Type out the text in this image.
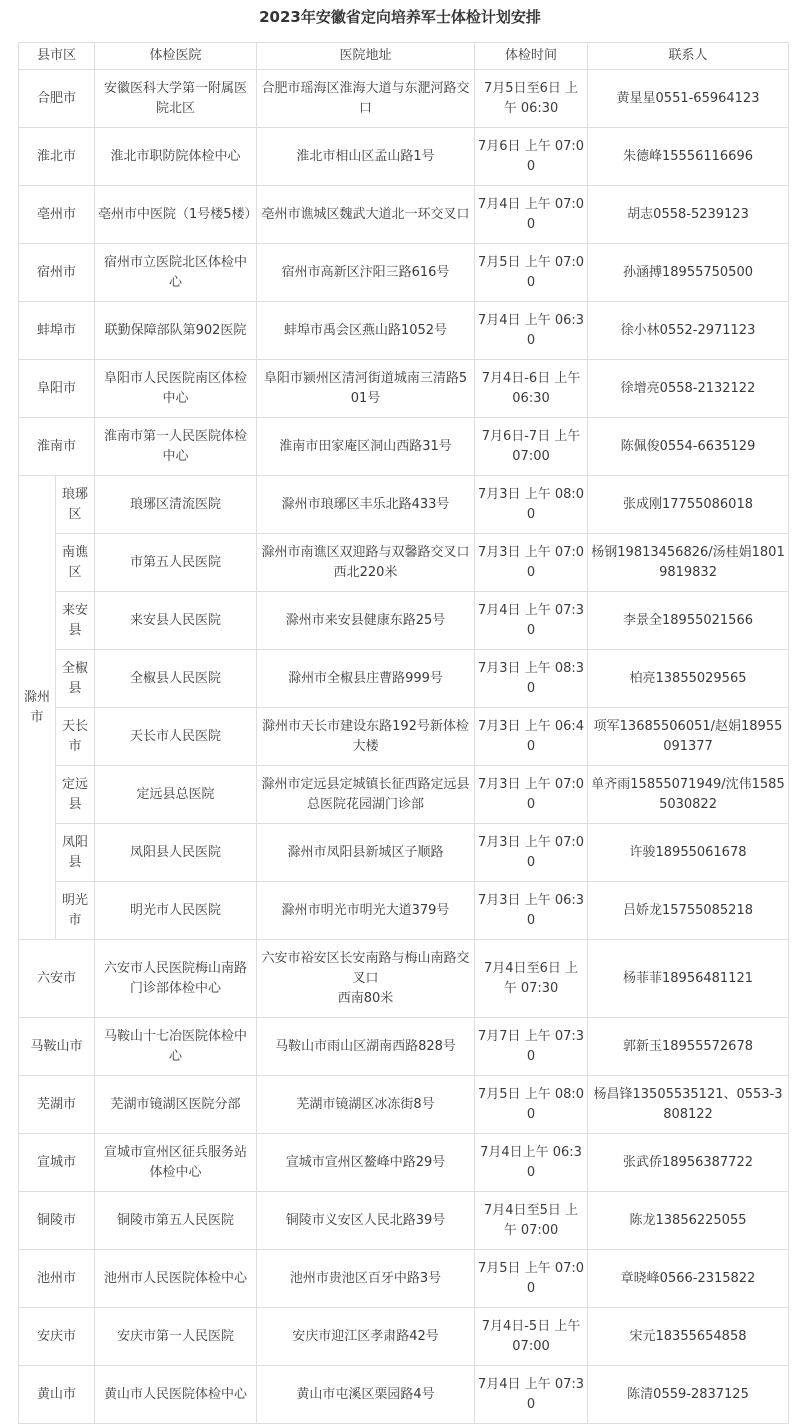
2023年安徽省定向培养军士体检计划安排
县市区		体检医院	医院地址	体检时间	联系人
合肥市		安徽医科大学第一附属医院北区	合肥市瑶海区淮海大道与东淝河路交口	7月5日至6日 上午 06:30	黄星星0551-65964123
淮北市		淮北市职防院体检中心	淮北市相山区孟山路1号	7月6日 上午 07:00	朱德峰15556116696
亳州市		亳州市中医院（1号楼5楼）	亳州市谯城区魏武大道北一环交叉口	7月4日 上午 07:00	胡志0558-5239123
宿州市		宿州市立医院北区体检中心	宿州市高新区汴阳三路616号	7月5日 上午 07:00	孙涵搏18955750500
蚌埠市		联勤保障部队第902医院	蚌埠市禹会区燕山路1052号	7月4日 上午 06:30	徐小林0552-2971123
阜阳市		阜阳市人民医院南区体检中心	阜阳市颍州区清河街道城南三清路501号	7月4日-6日 上午 06:30	徐增亮0558-2132122
淮南市		淮南市第一人民医院体检中心	淮南市田家庵区洞山西路31号	7月6日-7日 上午 07:00	陈佩俊0554-6635129
滁州市	琅琊区	琅琊区清流医院	滁州市琅琊区丰乐北路433号	7月3日 上午 08:00	张成刚17755086018
	南谯区	市第五人民医院	滁州市南谯区双迎路与双馨路交叉口西北220米	7月3日 上午 07:00	杨钢19813456826/汤桂娟18019819832
	来安县	来安县人民医院	滁州市来安县健康东路25号	7月4日 上午 07:30	李景全18955021566
	全椒县	全椒县人民医院	滁州市全椒县庄曹路999号	7月3日 上午 08:30	柏亮13855029565
	天长市	天长市人民医院	滁州市天长市建设东路192号新体检大楼	7月3日 上午 06:40	项军13685506051/赵娟18955091377
	定远县	定远县总医院	滁州市定远县定城镇长征西路定远县总医院花园湖门诊部	7月3日 上午 07:00	单齐雨15855071949/沈伟15855030822
	凤阳县	凤阳县人民医院	滁州市凤阳县新城区子顺路	7月3日 上午 07:00	许骏18955061678
	明光市	明光市人民医院	滁州市明光市明光大道379号	7月3日 上午 06:30	吕娇龙15755085218
六安市		六安市人民医院梅山南路门诊部体检中心	六安市裕安区长安南路与梅山南路交叉口
西南80米	7月4日至6日 上午 07:30	杨菲菲18956481121
马鞍山市		马鞍山十七冶医院体检中心	马鞍山市雨山区湖南西路828号	7月7日 上午 07:30	郭新玉18955572678
芜湖市		芜湖市镜湖区医院分部	芜湖市镜湖区冰冻街8号	7月5日 上午 08:00	杨昌锋13505535121、0553-3808122
宣城市		宣城市宣州区征兵服务站体检中心	宣城市宣州区鳌峰中路29号	7月4日上午 06:30	张武侨18956387722
铜陵市		铜陵市第五人民医院	铜陵市义安区人民北路39号	7月4日至5日 上午 07:00	陈龙13856225055
池州市		池州市人民医院体检中心	池州市贵池区百牙中路3号	7月5日 上午 07:00	章晓峰0566-2315822
安庆市		安庆市第一人民医院	安庆市迎江区孝肃路42号	7月4日-5日 上午 07:00	宋元18355654858
黄山市		黄山市人民医院体检中心	黄山市屯溪区栗园路4号	7月4日 上午 07:30	陈清0559-2837125
